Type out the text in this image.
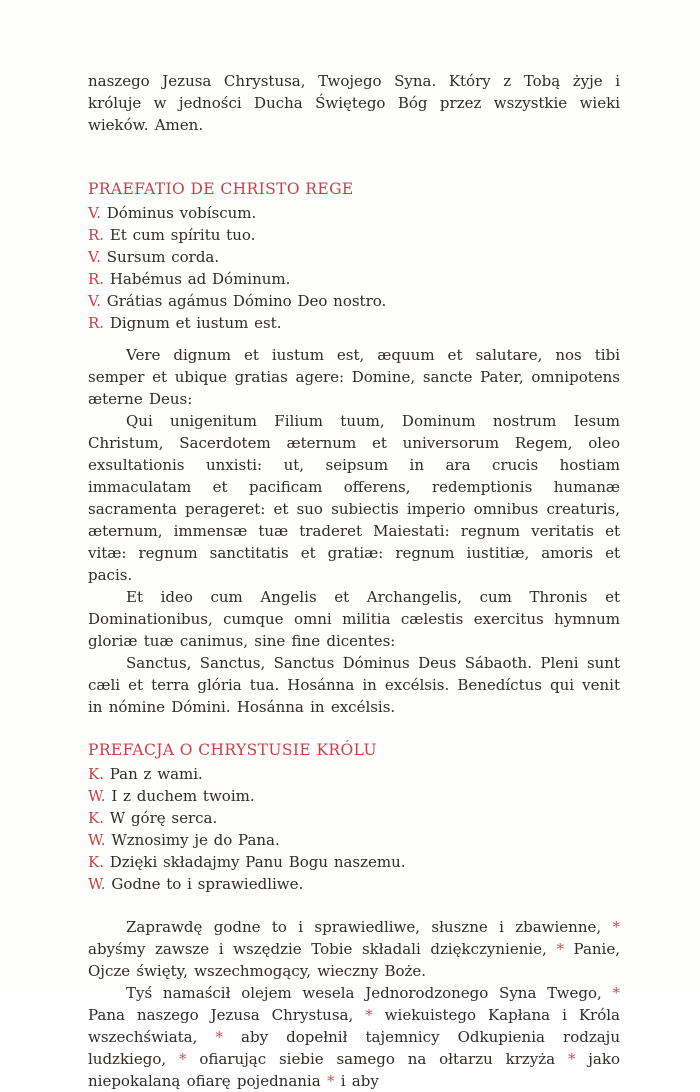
naszego Jezusa Chrystusa, Twojego Syna. Który z Tobą żyje i króluje w jedności Ducha Świętego Bóg przez wszystkie wieki wieków. Amen.

PRAEFATIO DE CHRISTO REGE

V. Dóminus vobíscum.

R. Et cum spíritu tuo.

V. Sursum corda.

R. Habémus ad Dóminum.

V. Grátias agámus Dómino Deo nostro.

R. Dignum et iustum est.

Vere dignum et iustum est, æquum et salutare, nos tibi semper et ubique gratias agere: Domine, sancte Pater, omnipotens æterne Deus:

Qui unigenitum Filium tuum, Dominum nostrum Iesum Christum, Sacerdotem æternum et universorum Regem, oleo exsultationis unxisti: ut, seipsum in ara crucis hostiam immaculatam et pacificam offerens, redemptionis humanæ sacramenta perageret: et suo subiectis imperio omnibus creaturis, æternum, immensæ tuæ traderet Maiestati: regnum veritatis et vitæ: regnum sanctitatis et gratiæ: regnum iustitiæ, amoris et pacis.

Et ideo cum Angelis et Archangelis, cum Thronis et Dominationibus, cumque omni militia cælestis exercitus hymnum gloriæ tuæ canimus, sine fine dicentes:

Sanctus, Sanctus, Sanctus Dóminus Deus Sábaoth. Pleni sunt cæli et terra glória tua. Hosánna in excélsis. Benedíctus qui venit in nómine Dómini. Hosánna in excélsis.

PREFACJA O CHRYSTUSIE KRÓLU

K. Pan z wami.

W. I z duchem twoim.

K. W górę serca.

W. Wznosimy je do Pana.

K. Dzięki składajmy Panu Bogu naszemu.

W. Godne to i sprawiedliwe.

Zaprawdę godne to i sprawiedliwe, słuszne i zbawienne, * abyśmy zawsze i wszędzie Tobie składali dziękczynienie, * Panie, Ojcze święty, wszechmogący, wieczny Boże.

Tyś namaścił olejem wesela Jednorodzonego Syna Twego, * Pana naszego Jezusa Chrystusa, * wiekuistego Kapłana i Króla wszechświata, * aby dopełnił tajemnicy Odkupienia rodzaju ludzkiego, * ofiarując siebie samego na ołtarzu krzyża * jako niepokalaną ofiarę pojednania * i aby
